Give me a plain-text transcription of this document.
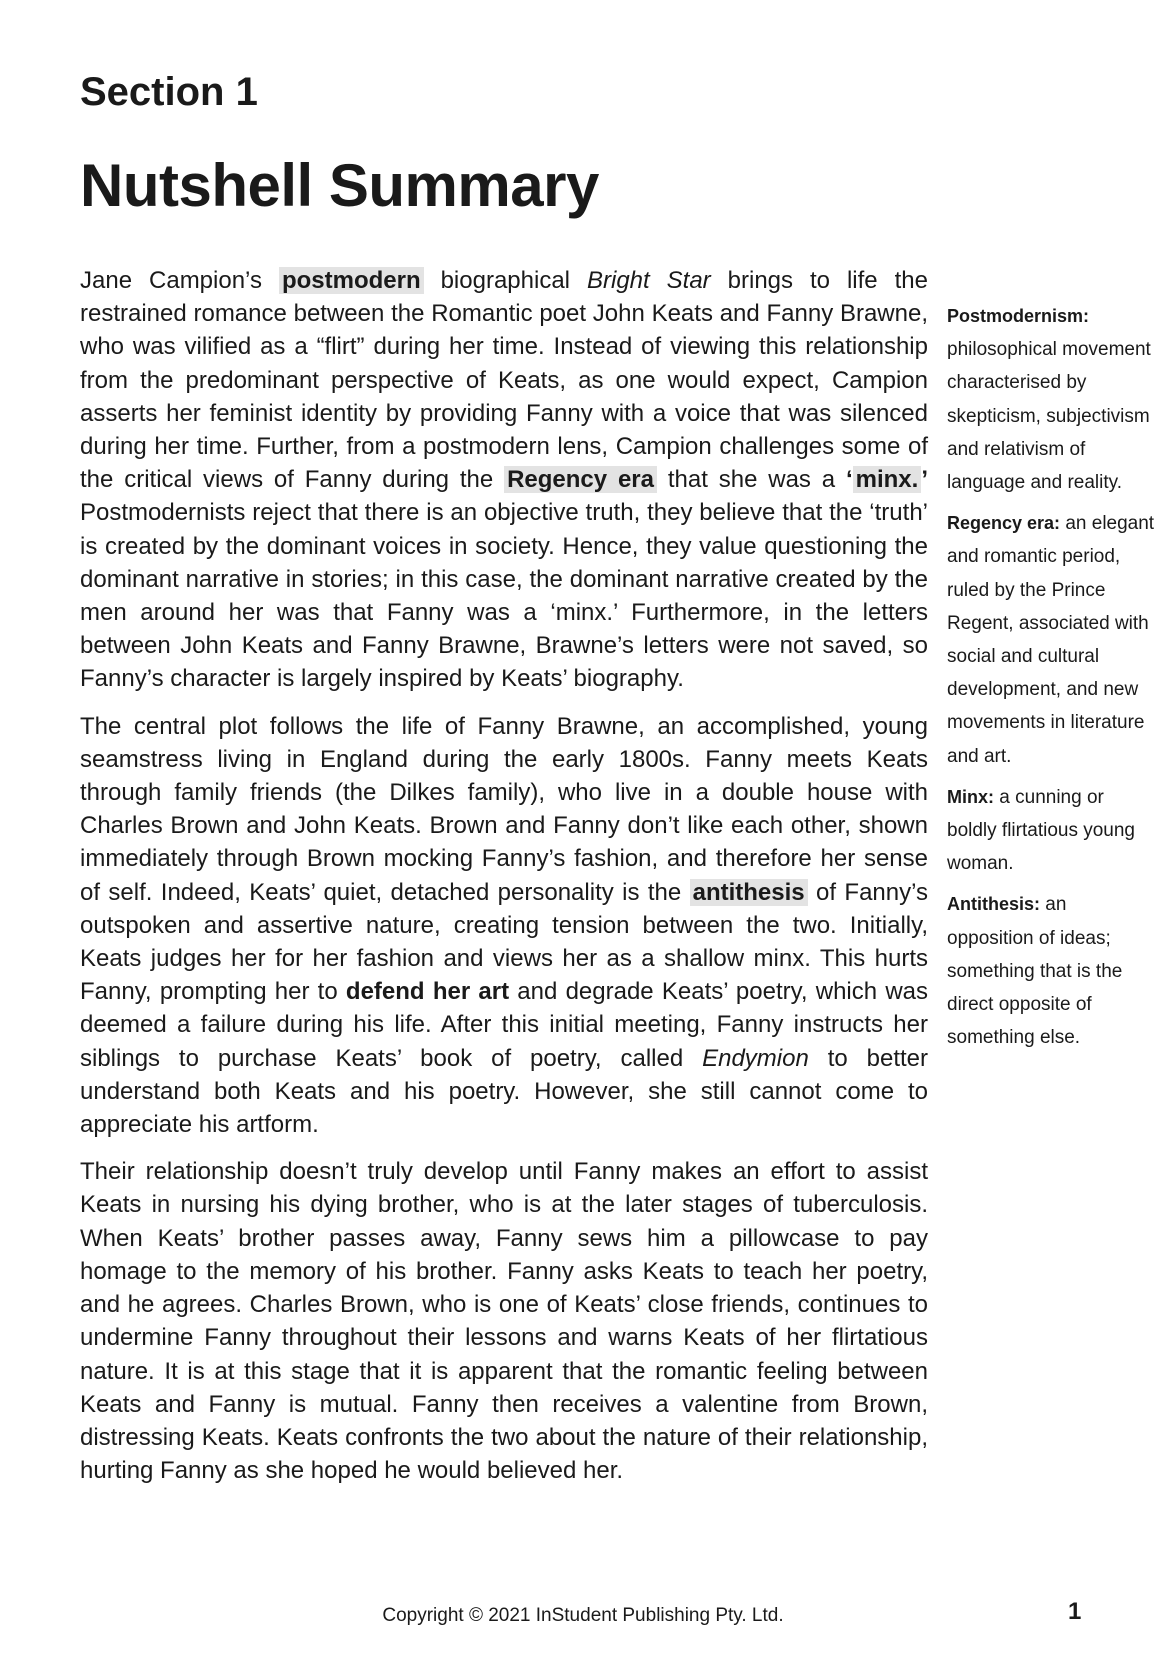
Section 1
Nutshell Summary

Jane Campion’s postmodern biographical Bright Star brings to life the restrained romance between the Romantic poet John Keats and Fanny Brawne, who was vilified as a “flirt” during her time. Instead of viewing this relationship from the predominant perspective of Keats, as one would expect, Campion asserts her feminist identity by providing Fanny with a voice that was silenced during her time. Further, from a postmodern lens, Campion challenges some of the critical views of Fanny during the Regency era that she was a ‘ minx. ’ Postmodernists reject that there is an objective truth, they believe that the ‘truth’ is created by the dominant voices in society. Hence, they value questioning the dominant narrative in stories; in this case, the dominant narrative created by the men around her was that Fanny was a ‘minx.’ Furthermore, in the letters between John Keats and Fanny Brawne, Brawne’s letters were not saved, so Fanny’s character is largely inspired by Keats’ biography.

The central plot follows the life of Fanny Brawne, an accomplished, young seamstress living in England during the early 1800s. Fanny meets Keats through family friends (the Dilkes family), who live in a double house with Charles Brown and John Keats. Brown and Fanny don’t like each other, shown immediately through Brown mocking Fanny’s fashion, and therefore her sense of self. Indeed, Keats’ quiet, detached personality is the antithesis of Fanny’s outspoken and assertive nature, creating tension between the two. Initially, Keats judges her for her fashion and views her as a shallow minx. This hurts Fanny, prompting her to defend her art and degrade Keats’ poetry, which was deemed a failure during his life. After this initial meeting, Fanny instructs her siblings to purchase Keats’ book of poetry, called Endymion to better understand both Keats and his poetry. However, she still cannot come to appreciate his artform.

Their relationship doesn’t truly develop until Fanny makes an effort to assist Keats in nursing his dying brother, who is at the later stages of tuberculosis. When Keats’ brother passes away, Fanny sews him a pillowcase to pay homage to the memory of his brother. Fanny asks Keats to teach her poetry, and he agrees. Charles Brown, who is one of Keats’ close friends, continues to undermine Fanny throughout their lessons and warns Keats of her flirtatious nature. It is at this stage that it is apparent that the romantic feeling between Keats and Fanny is mutual. Fanny then receives a valentine from Brown, distressing Keats. Keats confronts the two about the nature of their relationship, hurting Fanny as she hoped he would believed her.

Postmodernism: philosophical movement characterised by skepticism, subjectivism and relativism of language and reality.
Regency era: an elegant and romantic period, ruled by the Prince Regent, associated with social and cultural development, and new movements in literature and art.
Minx: a cunning or boldly flirtatious young woman.
Antithesis: an opposition of ideas; something that is the direct opposite of something else.
Copyright © 2021 InStudent Publishing Pty. Ltd.	1
